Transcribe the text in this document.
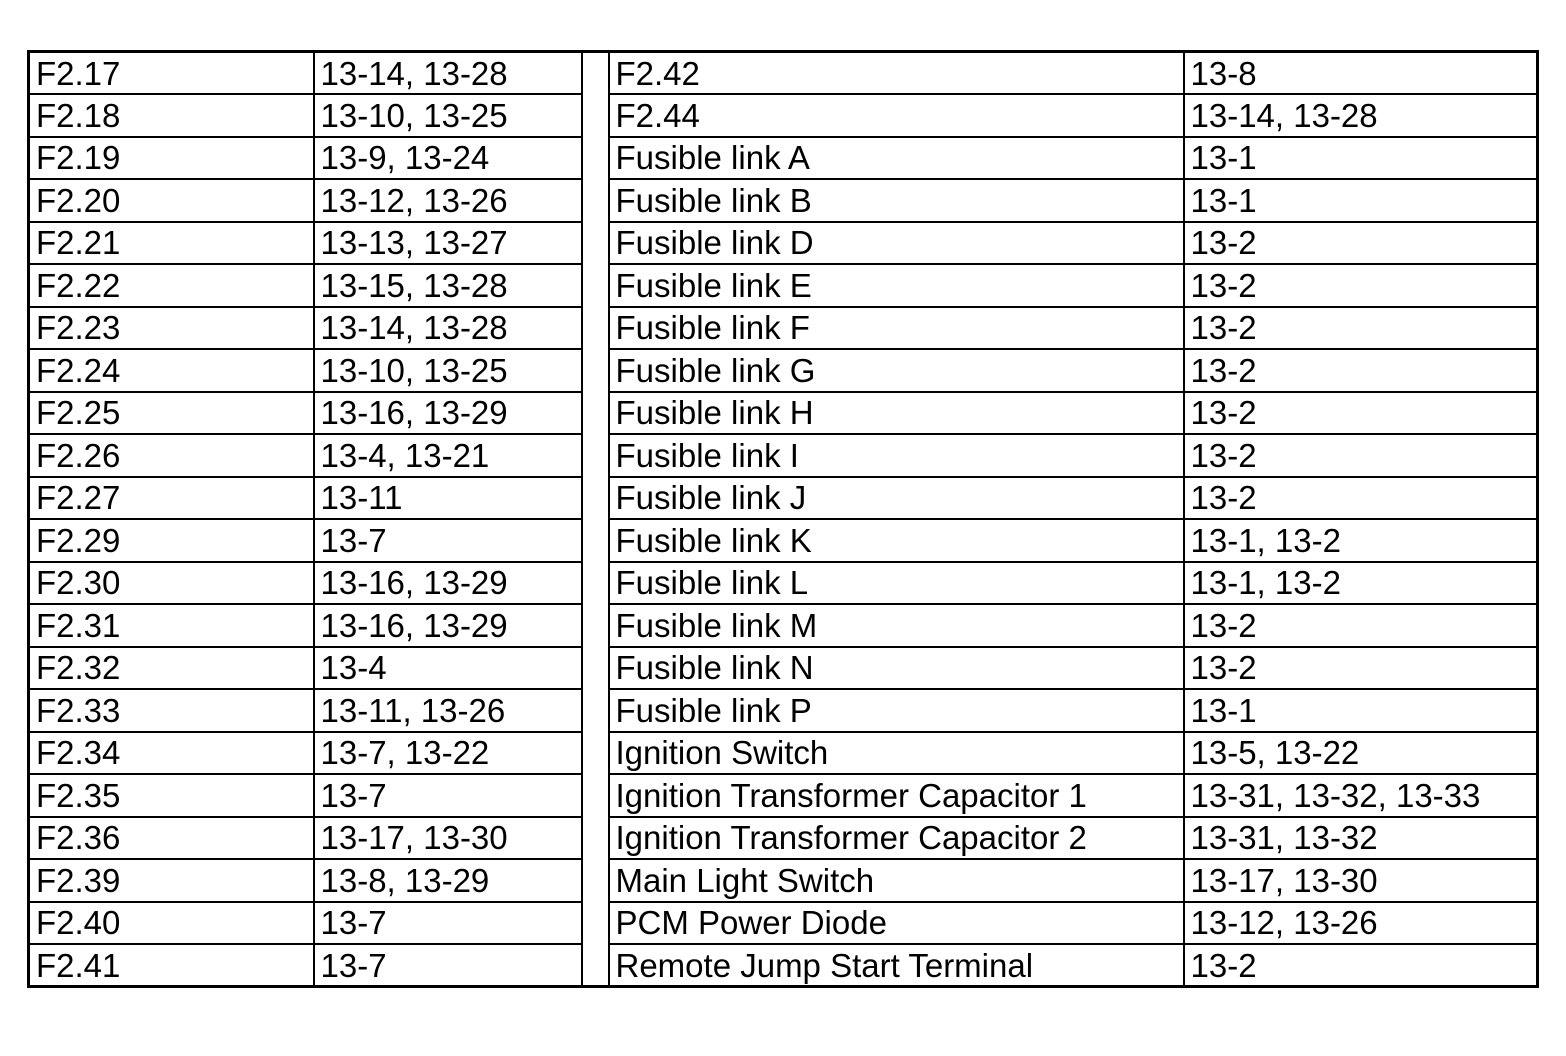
F2.17	13-14, 13-28		F2.42	13-8
F2.18	13-10, 13-25		F2.44	13-14, 13-28
F2.19	13-9, 13-24		Fusible link A	13-1
F2.20	13-12, 13-26		Fusible link B	13-1
F2.21	13-13, 13-27		Fusible link D	13-2
F2.22	13-15, 13-28		Fusible link E	13-2
F2.23	13-14, 13-28		Fusible link F	13-2
F2.24	13-10, 13-25		Fusible link G	13-2
F2.25	13-16, 13-29		Fusible link H	13-2
F2.26	13-4, 13-21		Fusible link I	13-2
F2.27	13-11		Fusible link J	13-2
F2.29	13-7		Fusible link K	13-1, 13-2
F2.30	13-16, 13-29		Fusible link L	13-1, 13-2
F2.31	13-16, 13-29		Fusible link M	13-2
F2.32	13-4		Fusible link N	13-2
F2.33	13-11, 13-26		Fusible link P	13-1
F2.34	13-7, 13-22		Ignition Switch	13-5, 13-22
F2.35	13-7		Ignition Transformer Capacitor 1	13-31, 13-32, 13-33
F2.36	13-17, 13-30		Ignition Transformer Capacitor 2	13-31, 13-32
F2.39	13-8, 13-29		Main Light Switch	13-17, 13-30
F2.40	13-7		PCM Power Diode	13-12, 13-26
F2.41	13-7		Remote Jump Start Terminal	13-2
